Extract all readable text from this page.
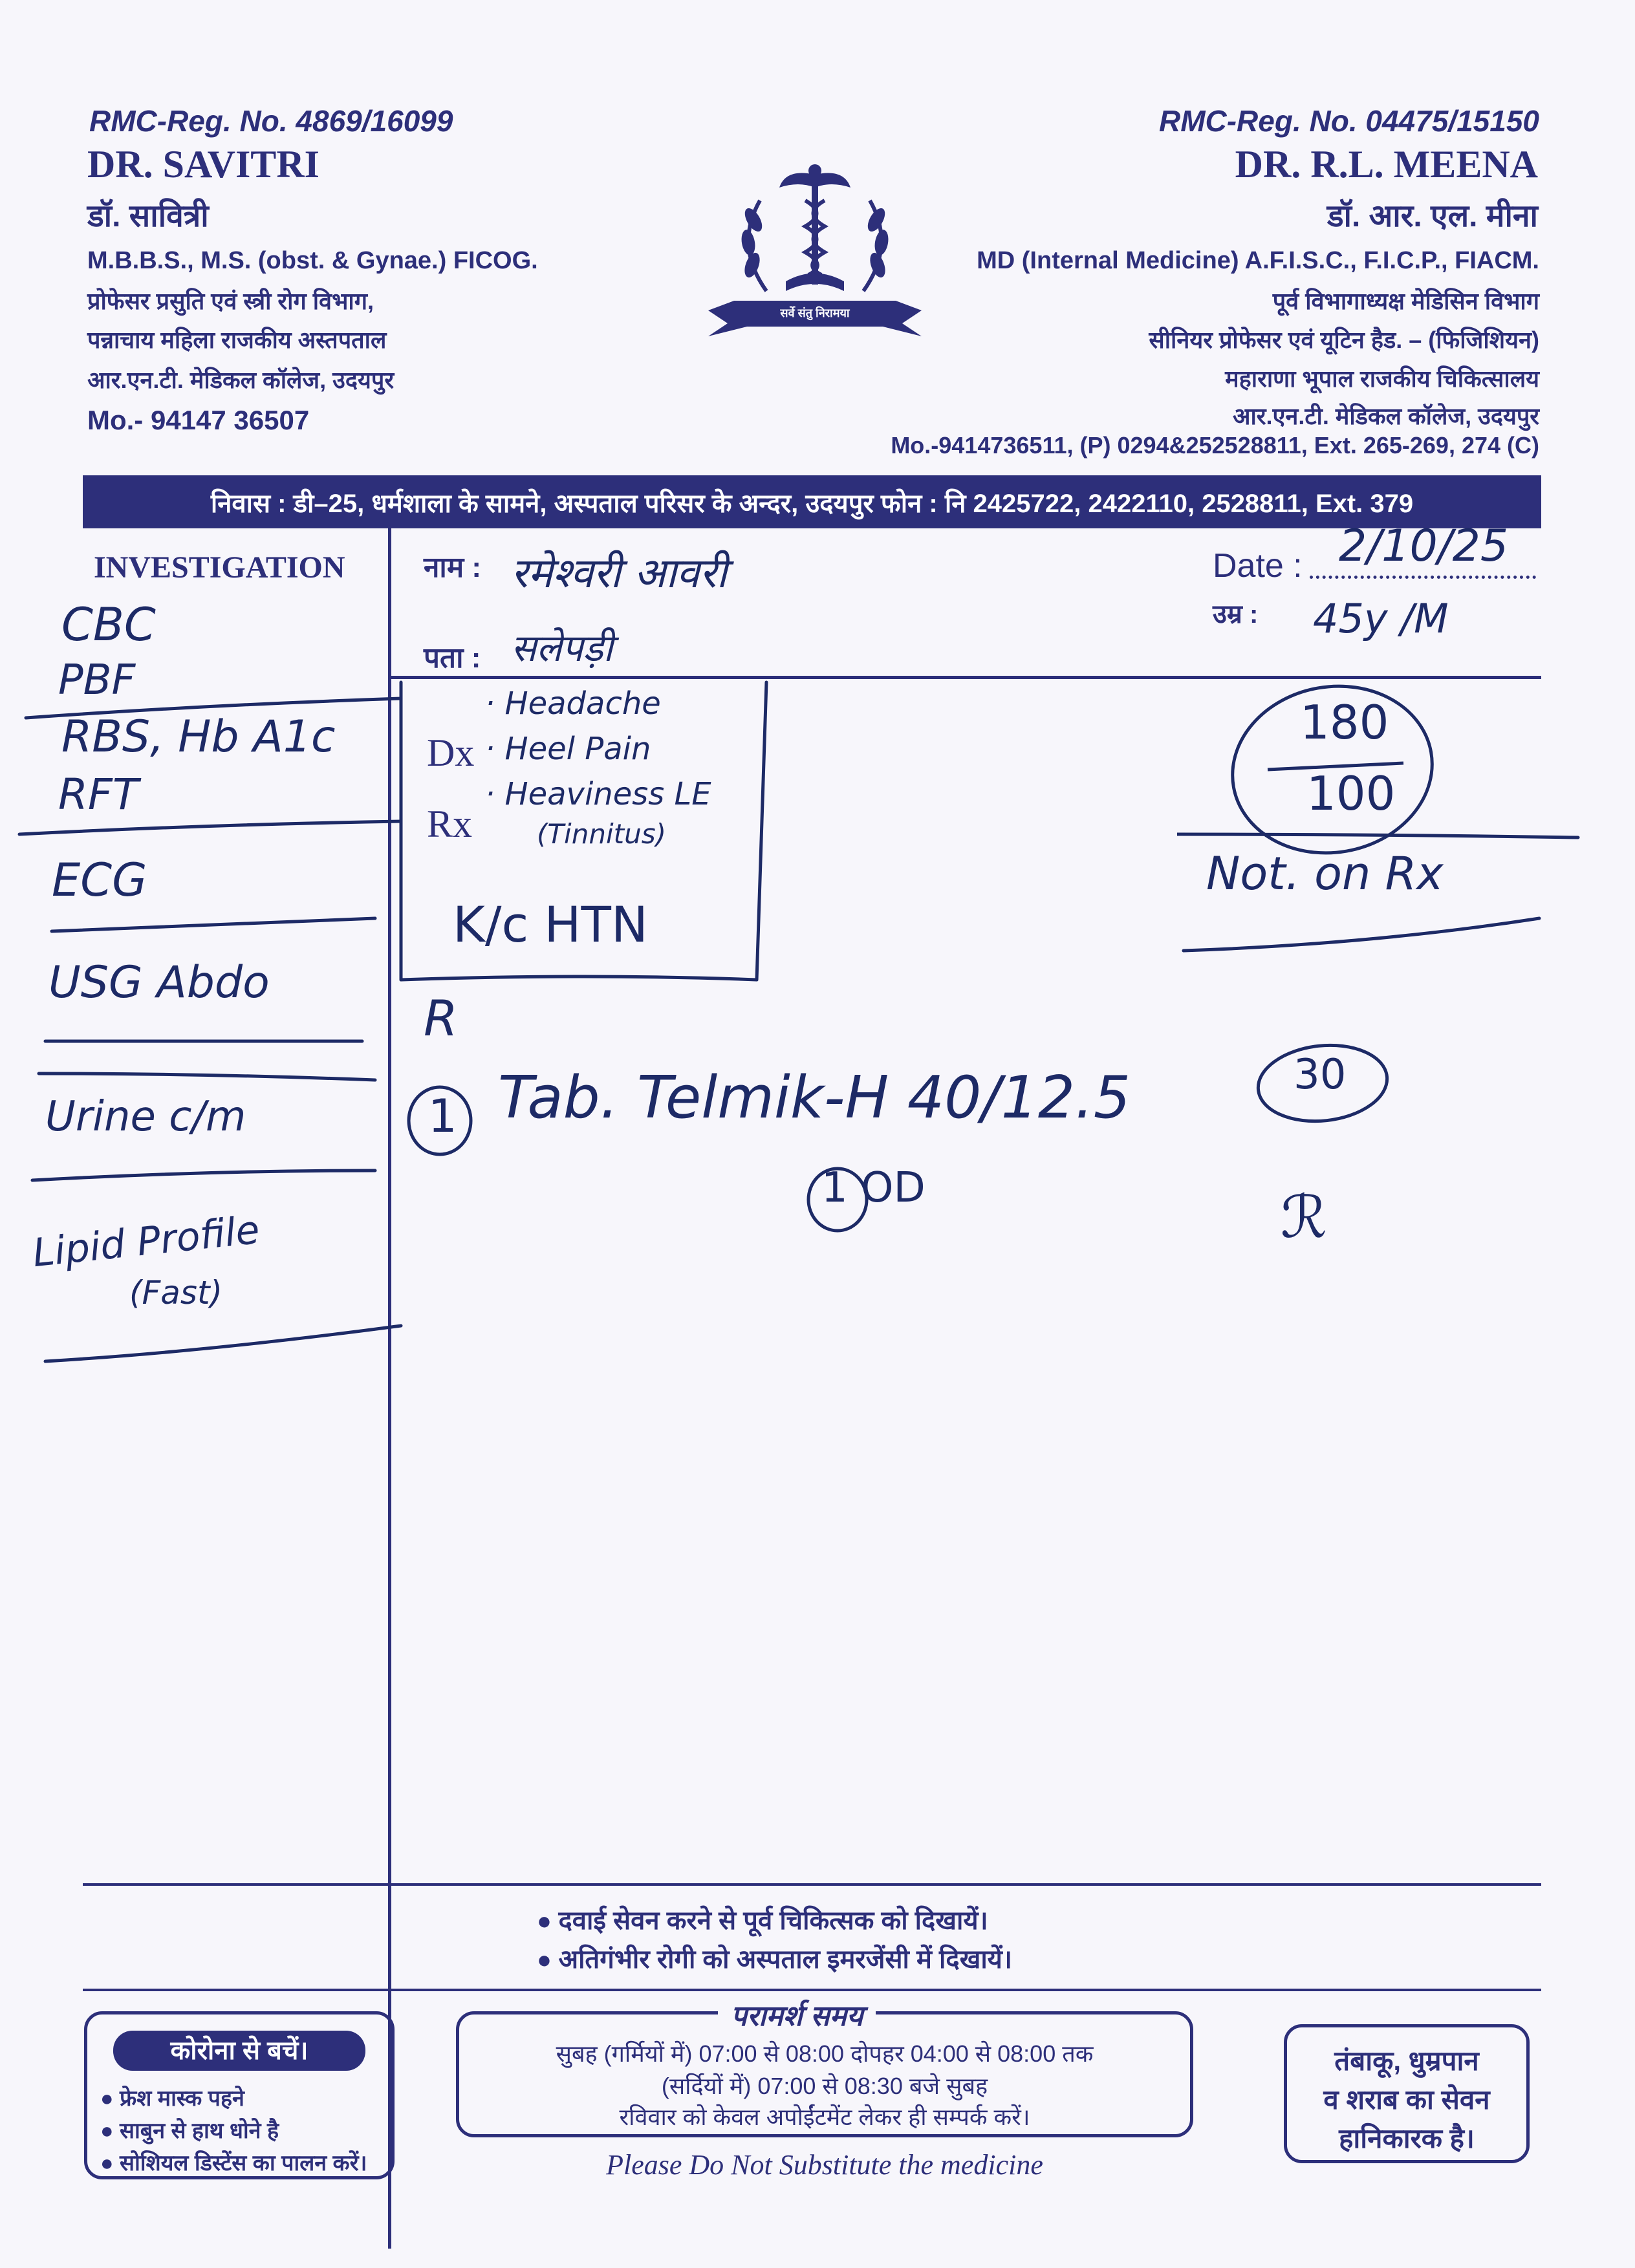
RMC-Reg. No. 4869/16099
DR. SAVITRI
डॉ. सावित्री
M.B.B.S., M.S. (obst. & Gynae.) FICOG.
प्रोफेसर प्रसुति एवं स्त्री रोग विभाग,
पन्नाचाय महिला राजकीय अस्तपताल
आर.एन.टी. मेडिकल कॉलेज, उदयपुर
Mo.- 94147 36507
सर्वे संतु निरामया
RMC-Reg. No. 04475/15150
DR. R.L. MEENA
डॉ. आर. एल. मीना
MD (Internal Medicine) A.F.I.S.C., F.I.C.P., FIACM.
पूर्व विभागाध्यक्ष मेडिसिन विभाग
सीनियर प्रोफेसर एवं यूटिन हैड. – (फिजिशियन)
महाराणा भूपाल राजकीय चिकित्सालय
आर.एन.टी. मेडिकल कॉलेज, उदयपुर
Mo.-9414736511, (P) 0294&252528811, Ext. 265-269, 274 (C)
निवास : डी–25, धर्मशाला के सामने, अस्पताल परिसर के अन्दर, उदयपुर फोन : नि 2425722, 2422110, 2528811, Ext. 379
INVESTIGATION	नाम :
पता :
Date :
उम्र :
रमेश्वरी आवरी
सलेपड़ी
2/10/25
45y /M
CBC
PBF
RBS, Hb A1c
RFT
ECG
USG Abdo
Urine c/m
Lipid Profile
(Fast)
· Headache
· Heel Pain
· Heaviness LE
(Tinnitus)
Dx
Rx
K/c HTN
180
100
Not. on Rx
R
1 Tab. Telmik-H 40/12.5	30
1 OD	ℛ
● दवाई सेवन करने से पूर्व चिकित्सक को दिखायें।
● अतिगंभीर रोगी को अस्पताल इमरजेंसी में दिखायें।
कोरोना से बचें।
● फ्रेश मास्क पहने
● साबुन से हाथ धोने है
● सोशियल डिस्टेंस का पालन करें।
परामर्श समय
सुबह (गर्मियों में) 07:00 से 08:00 दोपहर 04:00 से 08:00 तक
(सर्दियों में) 07:00 से 08:30 बजे सुबह
रविवार को केवल अपोईंटमेंट लेकर ही सम्पर्क करें।
Please Do Not Substitute the medicine
तंबाकू, धुम्रपान
व शराब का सेवन
हानिकारक है।
